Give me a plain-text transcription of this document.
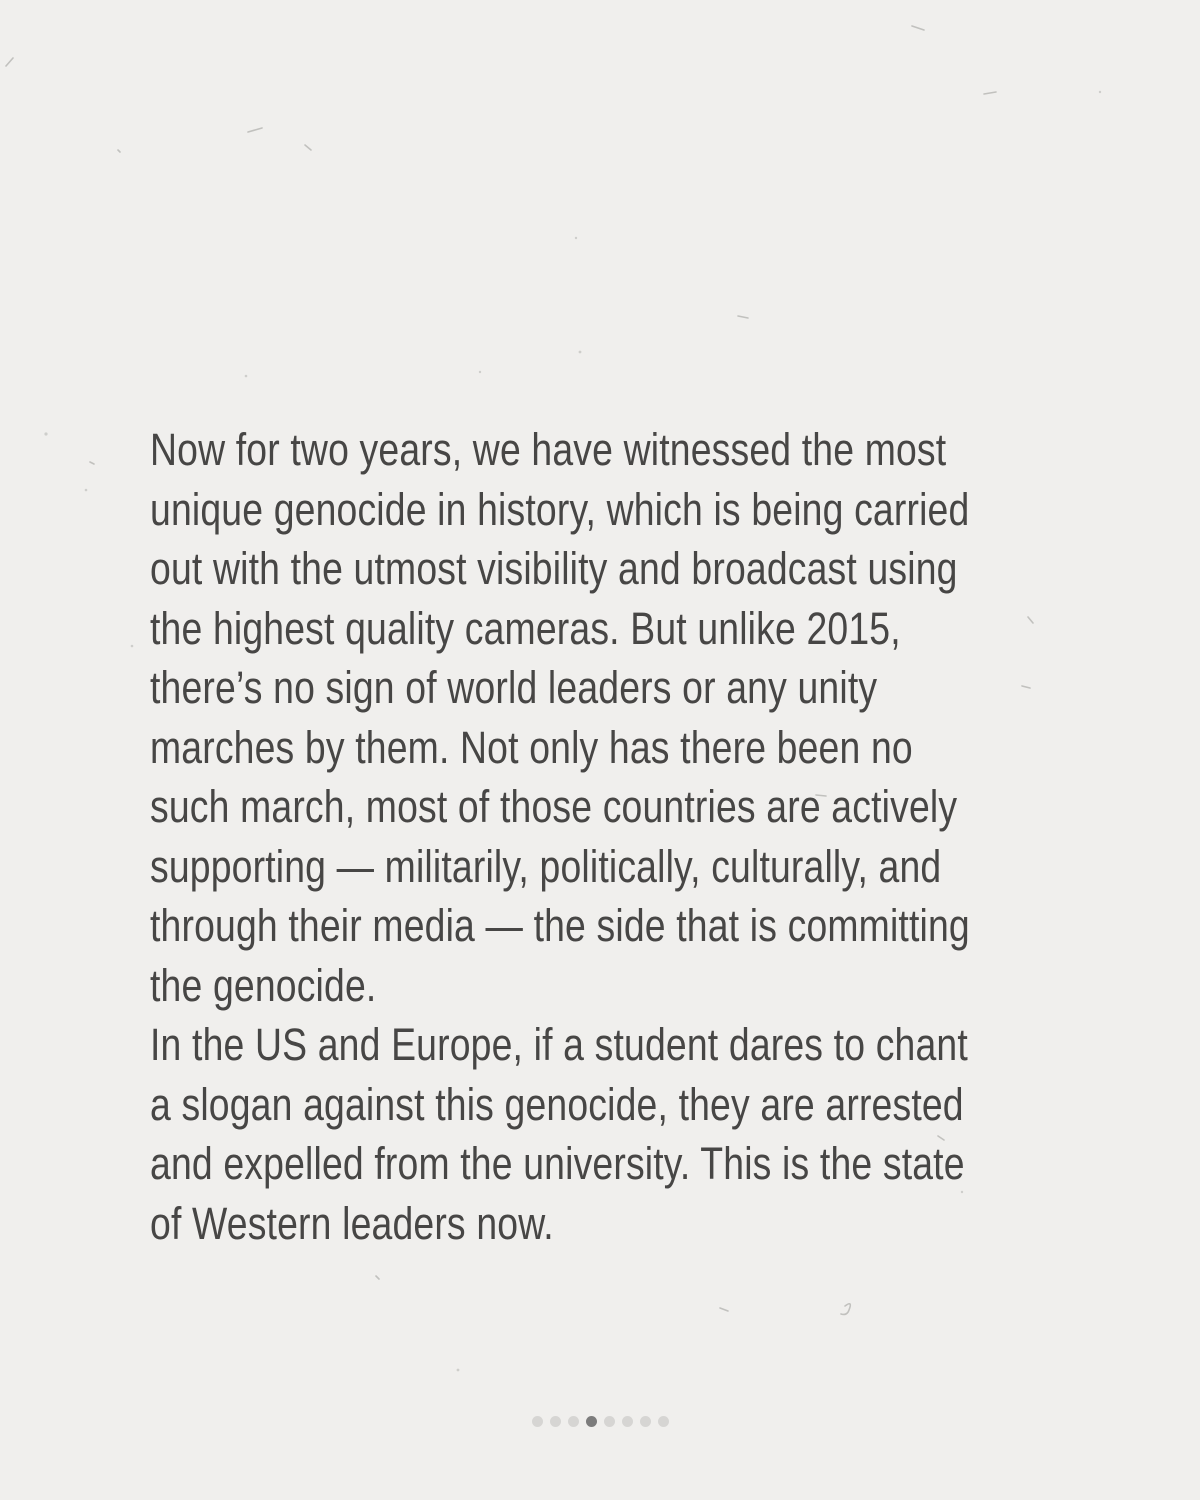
Now for two years, we have witnessed the most
unique genocide in history, which is being carried
out with the utmost visibility and broadcast using
the highest quality cameras. But unlike 2015,
there’s no sign of world leaders or any unity
marches by them. Not only has there been no
such march, most of those countries are actively
supporting — militarily, politically, culturally, and
through their media — the side that is committing
the genocide.
In the US and Europe, if a student dares to chant
a slogan against this genocide, they are arrested
and expelled from the university. This is the state
of Western leaders now.
